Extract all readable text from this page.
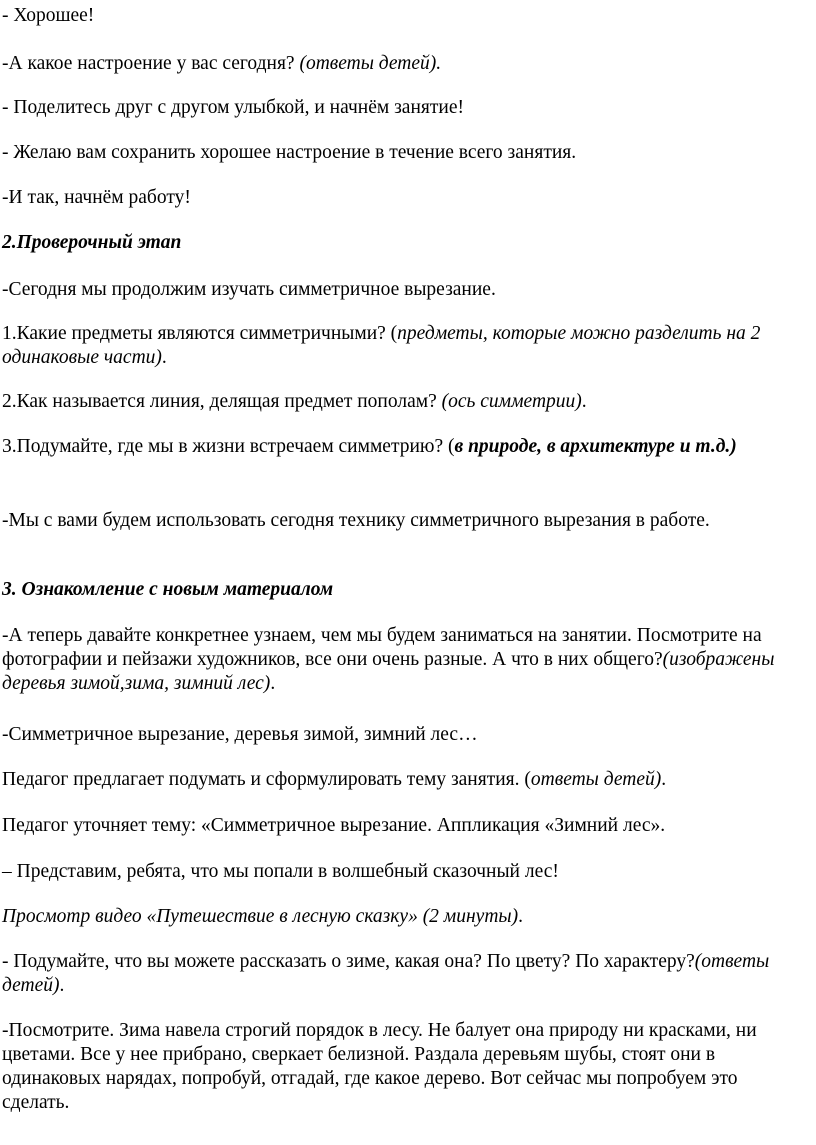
- Хорошее!

-А какое настроение у вас сегодня? (ответы детей).

- Поделитесь друг с другом улыбкой, и начнём занятие!

- Желаю вам сохранить хорошее настроение в течение всего занятия.

-И так, начнём работу!

2.Проверочный этап

-Сегодня мы продолжим изучать симметричное вырезание.

1.Какие предметы являются симметричными? (предметы, которые можно разделить на 2 одинаковые части).

2.Как называется линия, делящая предмет пополам? (ось симметрии).

3.Подумайте, где мы в жизни встречаем симметрию? (в природе, в архитектуре и т.д.)

-Мы с вами будем использовать сегодня технику симметричного вырезания в работе.

3. Ознакомление с новым материалом

-А теперь давайте конкретнее узнаем, чем мы будем заниматься на занятии. Посмотрите на фотографии и пейзажи художников, все они очень разные. А что в них общего?(изображены деревья зимой,зима, зимний лес).

-Симметричное вырезание, деревья зимой, зимний лес…

Педагог предлагает подумать и сформулировать тему занятия. (ответы детей).

Педагог уточняет тему: «Симметричное вырезание. Аппликация «Зимний лес».

– Представим, ребята, что мы попали в волшебный сказочный лес!

Просмотр видео «Путешествие в лесную сказку» (2 минуты).

- Подумайте, что вы можете рассказать о зиме, какая она? По цвету? По характеру?(ответы детей).

-Посмотрите. Зима навела строгий порядок в лесу. Не балует она природу ни красками, ни цветами. Все у нее прибрано, сверкает белизной. Раздала деревьям шубы, стоят они в одинаковых нарядах, попробуй, отгадай, где какое дерево. Вот сейчас мы попробуем это сделать.
